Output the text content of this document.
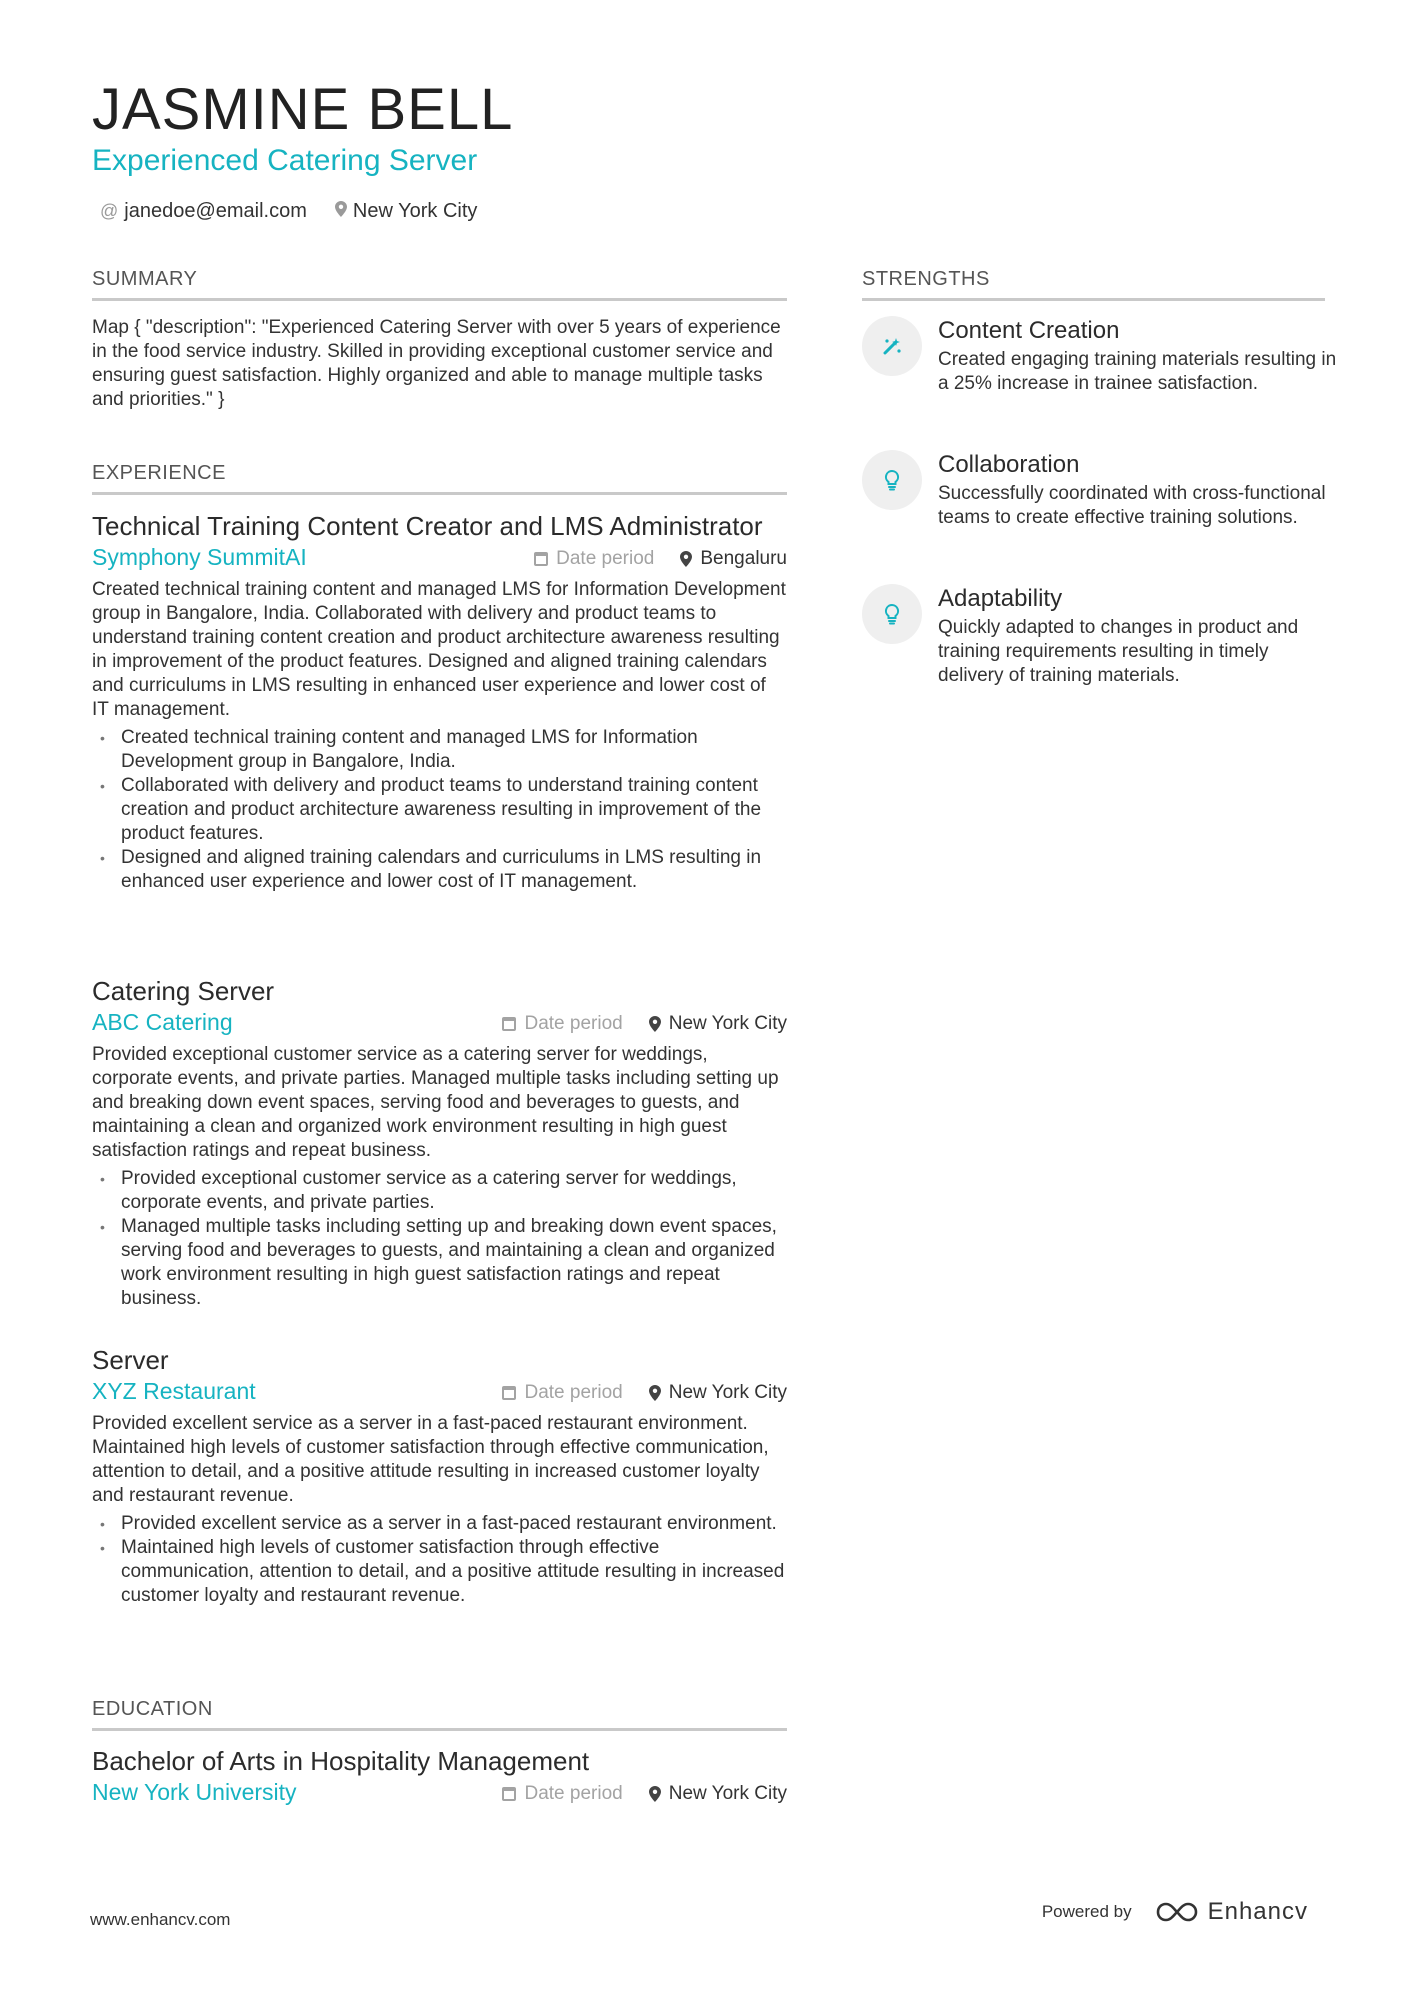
JASMINE BELL
Experienced Catering Server
@ janedoe@email.com New York City
SUMMARY
Map { "description": "Experienced Catering Server with over 5 years of experience in the food service industry. Skilled in providing exceptional customer service and ensuring guest satisfaction. Highly organized and able to manage multiple tasks and priorities." }
EXPERIENCE
Technical Training Content Creator and LMS Administrator
Symphony SummitAI	Date period Bengaluru
Created technical training content and managed LMS for Information Development group in Bangalore, India. Collaborated with delivery and product teams to understand training content creation and product architecture awareness resulting in improvement of the product features. Designed and aligned training calendars and curriculums in LMS resulting in enhanced user experience and lower cost of IT management.
• Created technical training content and managed LMS for Information Development group in Bangalore, India.
• Collaborated with delivery and product teams to understand training content creation and product architecture awareness resulting in improvement of the product features.
• Designed and aligned training calendars and curriculums in LMS resulting in enhanced user experience and lower cost of IT management.
Catering Server
ABC Catering	Date period New York City
Provided exceptional customer service as a catering server for weddings, corporate events, and private parties. Managed multiple tasks including setting up and breaking down event spaces, serving food and beverages to guests, and maintaining a clean and organized work environment resulting in high guest satisfaction ratings and repeat business.
• Provided exceptional customer service as a catering server for weddings, corporate events, and private parties.
• Managed multiple tasks including setting up and breaking down event spaces, serving food and beverages to guests, and maintaining a clean and organized work environment resulting in high guest satisfaction ratings and repeat business.
Server
XYZ Restaurant	Date period New York City
Provided excellent service as a server in a fast-paced restaurant environment. Maintained high levels of customer satisfaction through effective communication, attention to detail, and a positive attitude resulting in increased customer loyalty and restaurant revenue.
• Provided excellent service as a server in a fast-paced restaurant environment.
• Maintained high levels of customer satisfaction through effective communication, attention to detail, and a positive attitude resulting in increased customer loyalty and restaurant revenue.
EDUCATION
Bachelor of Arts in Hospitality Management
New York University	Date period New York City
STRENGTHS
Content Creation
Created engaging training materials resulting in a 25% increase in trainee satisfaction.
Collaboration
Successfully coordinated with cross-functional teams to create effective training solutions.
Adaptability
Quickly adapted to changes in product and training requirements resulting in timely delivery of training materials.
www.enhancv.com	Powered by	Enhancv
